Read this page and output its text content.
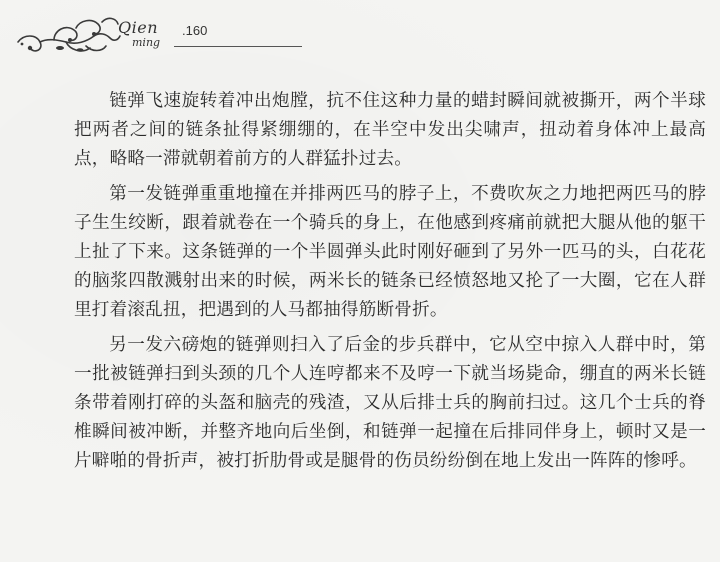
Qien
ming
.160

链弹飞速旋转着冲出炮膛，抗不住这种力量的蜡封瞬间就被撕开，两个半球把两者之间的链条扯得紧绷绷的，在半空中发出尖啸声，扭动着身体冲上最高点，略略一滞就朝着前方的人群猛扑过去。

第一发链弹重重地撞在并排两匹马的脖子上，不费吹灰之力地把两匹马的脖子生生绞断，跟着就卷在一个骑兵的身上，在他感到疼痛前就把大腿从他的躯干上扯了下来。这条链弹的一个半圆弹头此时刚好砸到了另外一匹马的头，白花花的脑浆四散溅射出来的时候，两米长的链条已经愤怒地又抡了一大圈，它在人群里打着滚乱扭，把遇到的人马都抽得筋断骨折。

另一发六磅炮的链弹则扫入了后金的步兵群中，它从空中掠入人群中时，第一批被链弹扫到头颈的几个人连哼都来不及哼一下就当场毙命，绷直的两米长链条带着刚打碎的头盔和脑壳的残渣，又从后排士兵的胸前扫过。这几个士兵的脊椎瞬间被冲断，并整齐地向后坐倒，和链弹一起撞在后排同伴身上，顿时又是一片噼啪的骨折声，被打折肋骨或是腿骨的伤员纷纷倒在地上发出一阵阵的惨呼。
